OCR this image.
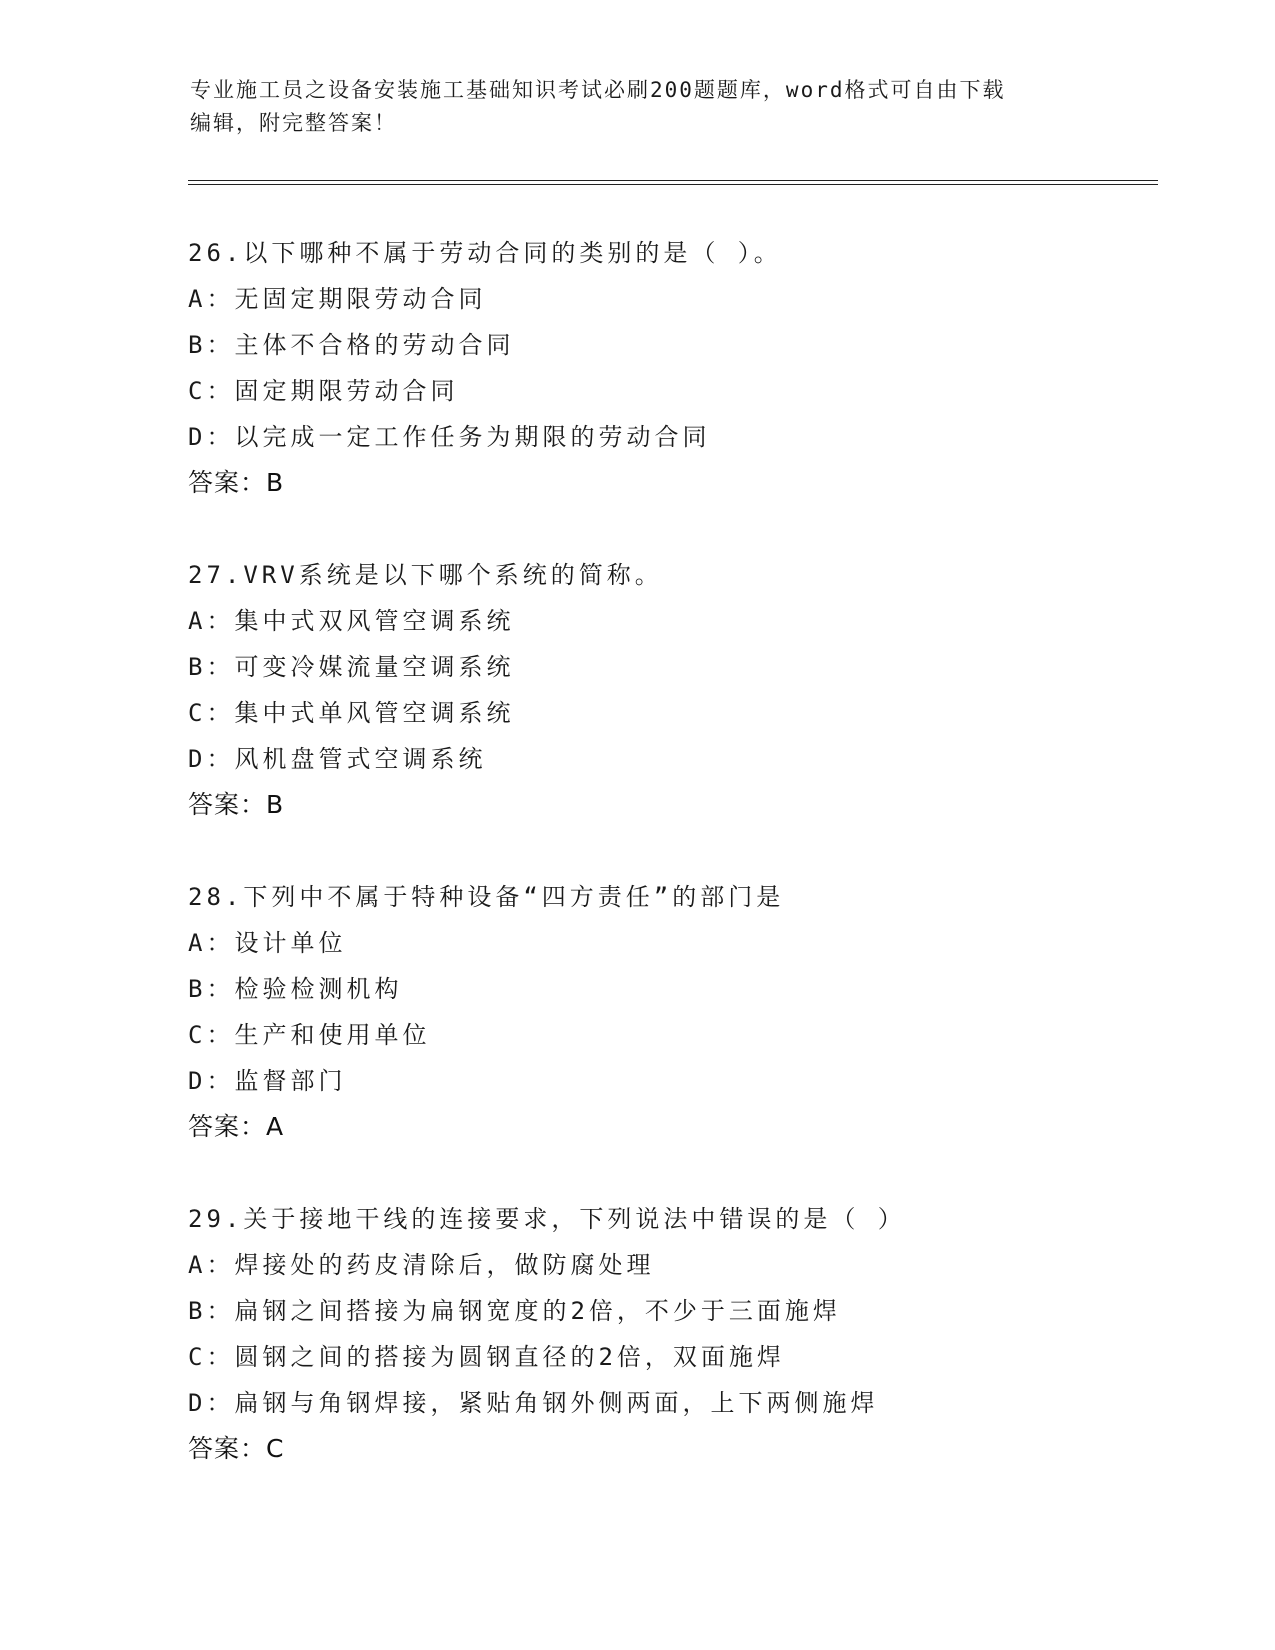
专业施工员之设备安装施工基础知识考试必刷200题题库，word格式可自由下载
编辑，附完整答案！
26.以下哪种不属于劳动合同的类别的是（ ）。
A：无固定期限劳动合同
B：主体不合格的劳动合同
C：固定期限劳动合同
D：以完成一定工作任务为期限的劳动合同
答案：B
27.VRV系统是以下哪个系统的简称。
A：集中式双风管空调系统
B：可变冷媒流量空调系统
C：集中式单风管空调系统
D：风机盘管式空调系统
答案：B
28.下列中不属于特种设备“四方责任”的部门是
A：设计单位
B：检验检测机构
C：生产和使用单位
D：监督部门
答案：A
29.关于接地干线的连接要求，下列说法中错误的是（ ）
A：焊接处的药皮清除后，做防腐处理
B：扁钢之间搭接为扁钢宽度的2倍，不少于三面施焊
C：圆钢之间的搭接为圆钢直径的2倍，双面施焊
D：扁钢与角钢焊接，紧贴角钢外侧两面，上下两侧施焊
答案：C
